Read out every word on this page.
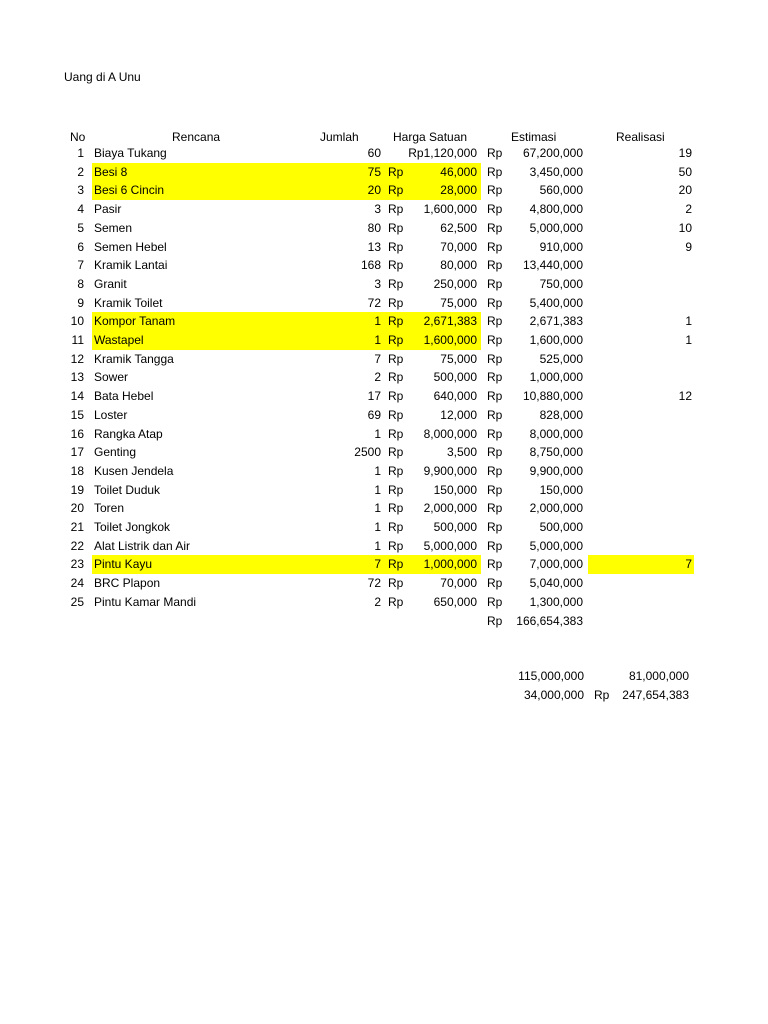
Uang di A Unu
No	Rencana	Jumlah	Harga Satuan	Estimasi	Realisasi
1 Biaya Tukang	60 Rp1,120,000 Rp	67,200,000	19
2 Besi 8	75 Rp	46,000 Rp	3,450,000	50
3 Besi 6 Cincin	20 Rp	28,000 Rp	560,000	20
4 Pasir	3 Rp	1,600,000 Rp	4,800,000	2
5 Semen	80 Rp	62,500 Rp	5,000,000	10
6 Semen Hebel	13 Rp	70,000 Rp	910,000	9
7 Kramik Lantai	168 Rp	80,000 Rp	13,440,000
8 Granit	3 Rp	250,000 Rp	750,000
9 Kramik Toilet	72 Rp	75,000 Rp	5,400,000
10 Kompor Tanam	1 Rp	2,671,383 Rp	2,671,383	1
11 Wastapel	1 Rp	1,600,000 Rp	1,600,000	1
12 Kramik Tangga	7 Rp	75,000 Rp	525,000
13 Sower	2 Rp	500,000 Rp	1,000,000
14 Bata Hebel	17 Rp	640,000 Rp	10,880,000	12
15 Loster	69 Rp	12,000 Rp	828,000
16 Rangka Atap	1 Rp	8,000,000 Rp	8,000,000
17 Genting	2500 Rp	3,500 Rp	8,750,000
18 Kusen Jendela	1 Rp	9,900,000 Rp	9,900,000
19 Toilet Duduk	1 Rp	150,000 Rp	150,000
20 Toren	1 Rp	2,000,000 Rp	2,000,000
21 Toilet Jongkok	1 Rp	500,000 Rp	500,000
22 Alat Listrik dan Air	1 Rp	5,000,000 Rp	5,000,000
23 Pintu Kayu	7 Rp	1,000,000 Rp	7,000,000	7
24 BRC Plapon	72 Rp	70,000 Rp	5,040,000
25 Pintu Kamar Mandi	2 Rp	650,000 Rp	1,300,000
Rp	166,654,383
115,000,000	81,000,000
34,000,000 Rp	247,654,383
